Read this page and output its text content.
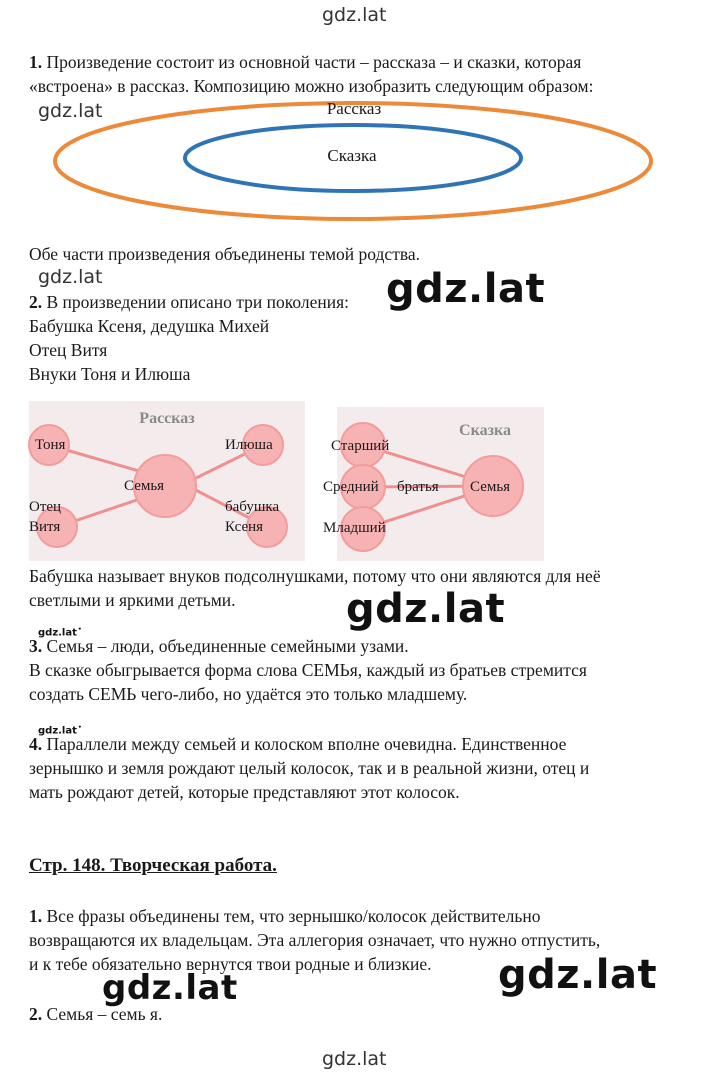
gdz.lat
gdz.lat
gdz.lat	gdz.lat
gdz.lat
•
•
gdz.lat •
gdz.lat •
gdz.lat
gdz.lat
gdz.lat
1. Произведение состоит из основной части – рассказа – и сказки, которая
«встроена» в рассказ. Композицию можно изобразить следующим образом:
Рассказ
Сказка
Обе части произведения объединены темой родства.
2. В произведении описано три поколения:
Бабушка Ксеня, дедушка Михей
Отец Витя
Внуки Тоня и Илюша
Рассказ
Тоня	Илюша
Семья
Отец
Витя
бабушка
Ксеня
Сказка
Старший
Средний
Младший
братья Семья
Бабушка называет внуков подсолнушками, потому что они являются для неё
светлыми и яркими детьми.
3. Семья – люди, объединенные семейными узами.
В сказке обыгрывается форма слова СЕМЬя, каждый из братьев стремится
создать СЕМЬ чего-либо, но удаётся это только младшему.
4. Параллели между семьей и колоском вполне очевидна. Единственное
зернышко и земля рождают целый колосок, так и в реальной жизни, отец и
мать рождают детей, которые представляют этот колосок.
Стр. 148. Творческая работа.
1. Все фразы объединены тем, что зернышко/колосок действительно
возвращаются их владельцам. Эта аллегория означает, что нужно отпустить,
и к тебе обязательно вернутся твои родные и близкие.
2. Семья – семь я.
